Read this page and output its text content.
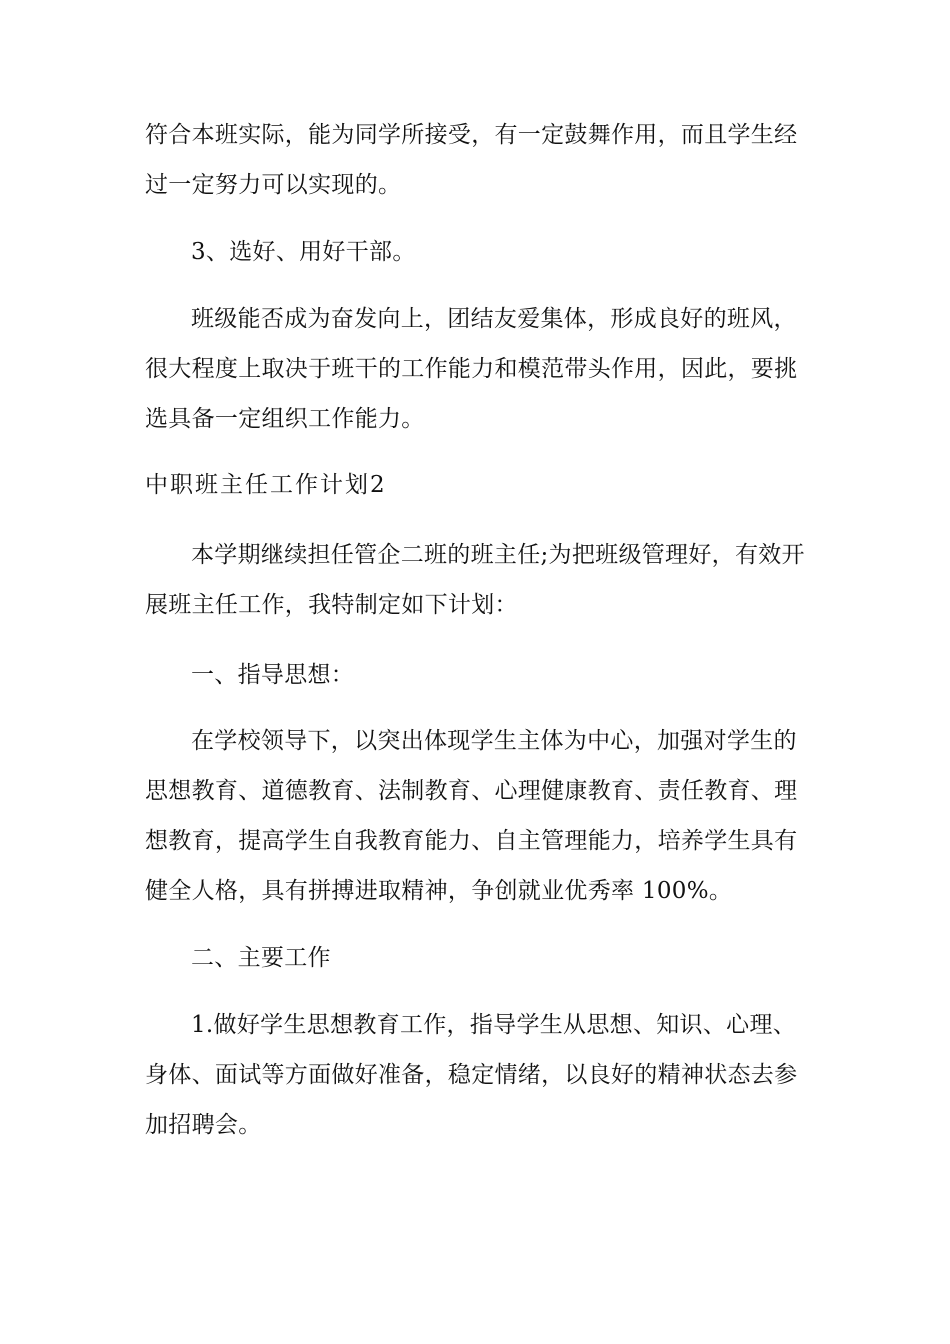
符合本班实际，能为同学所接受，有一定鼓舞作用，而且学生经过一定努力可以实现的。

3、选好、用好干部。

班级能否成为奋发向上，团结友爱集体，形成良好的班风，很大程度上取决于班干的工作能力和模范带头作用，因此，要挑选具备一定组织工作能力。

中职班主任工作计划2

本学期继续担任管企二班的班主任;为把班级管理好，有效开展班主任工作，我特制定如下计划：

一、指导思想：

在学校领导下，以突出体现学生主体为中心，加强对学生的思想教育、道德教育、法制教育、心理健康教育、责任教育、理想教育，提高学生自我教育能力、自主管理能力，培养学生具有健全人格，具有拼搏进取精神，争创就业优秀率 100%。

二、主要工作

1.做好学生思想教育工作，指导学生从思想、知识、心理、身体、面试等方面做好准备，稳定情绪，以良好的精神状态去参加招聘会。
